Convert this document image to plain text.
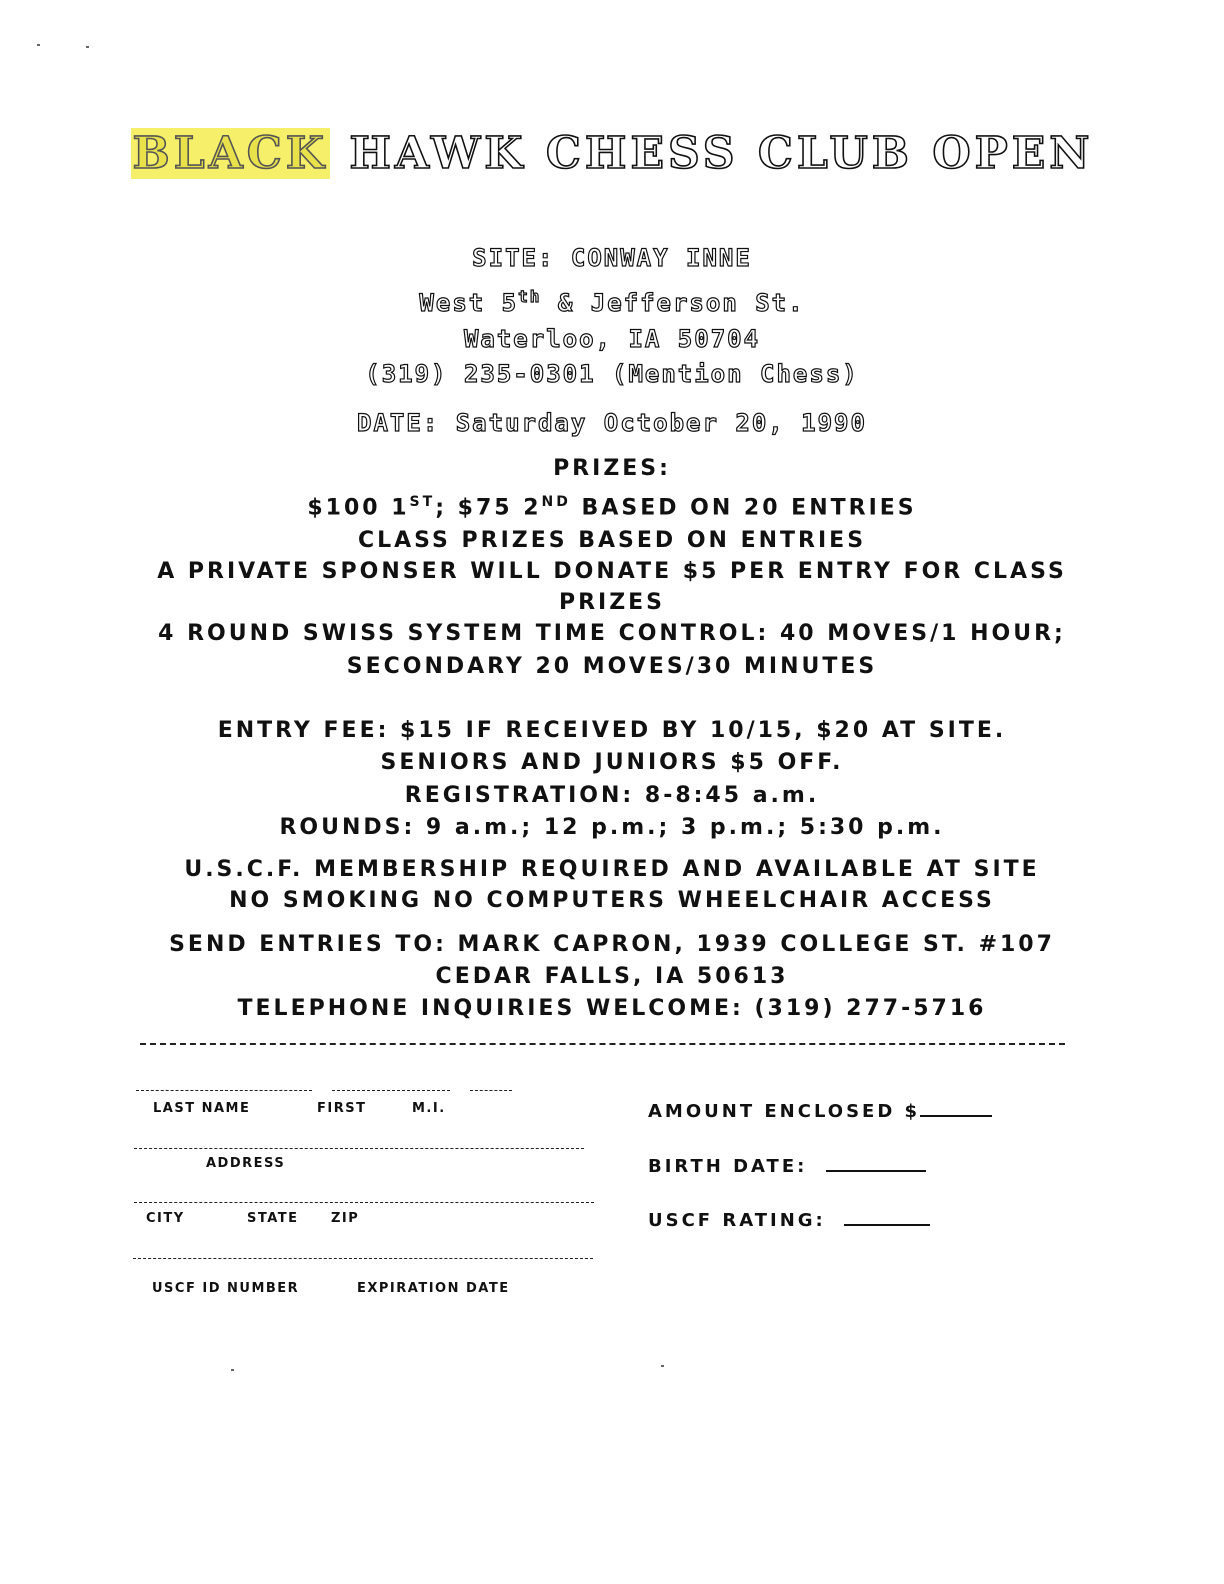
BLACK HAWK CHESS CLUB OPEN
SITE: CONWAY INNE
West 5th & Jefferson St.
Waterloo, IA 50704
(319) 235-0301 (Mention Chess)
DATE: Saturday October 20, 1990
PRIZES:
$100 1ST; $75 2ND BASED ON 20 ENTRIES
CLASS PRIZES BASED ON ENTRIES
A PRIVATE SPONSER WILL DONATE $5 PER ENTRY FOR CLASS
PRIZES
4 ROUND SWISS SYSTEM TIME CONTROL: 40 MOVES/1 HOUR;
SECONDARY 20 MOVES/30 MINUTES
ENTRY FEE: $15 IF RECEIVED BY 10/15, $20 AT SITE.
SENIORS AND JUNIORS $5 OFF.
REGISTRATION: 8-8:45 a.m.
ROUNDS: 9 a.m.; 12 p.m.; 3 p.m.; 5:30 p.m.
U.S.C.F. MEMBERSHIP REQUIRED AND AVAILABLE AT SITE
NO SMOKING NO COMPUTERS WHEELCHAIR ACCESS
SEND ENTRIES TO: MARK CAPRON, 1939 COLLEGE ST. #107
CEDAR FALLS, IA 50613
TELEPHONE INQUIRIES WELCOME: (319) 277-5716
LAST NAME	FIRST	M.I.
ADDRESS
CITY	STATE ZIP
USCF ID NUMBER	EXPIRATION DATE
AMOUNT ENCLOSED $
BIRTH DATE:
USCF RATING:
